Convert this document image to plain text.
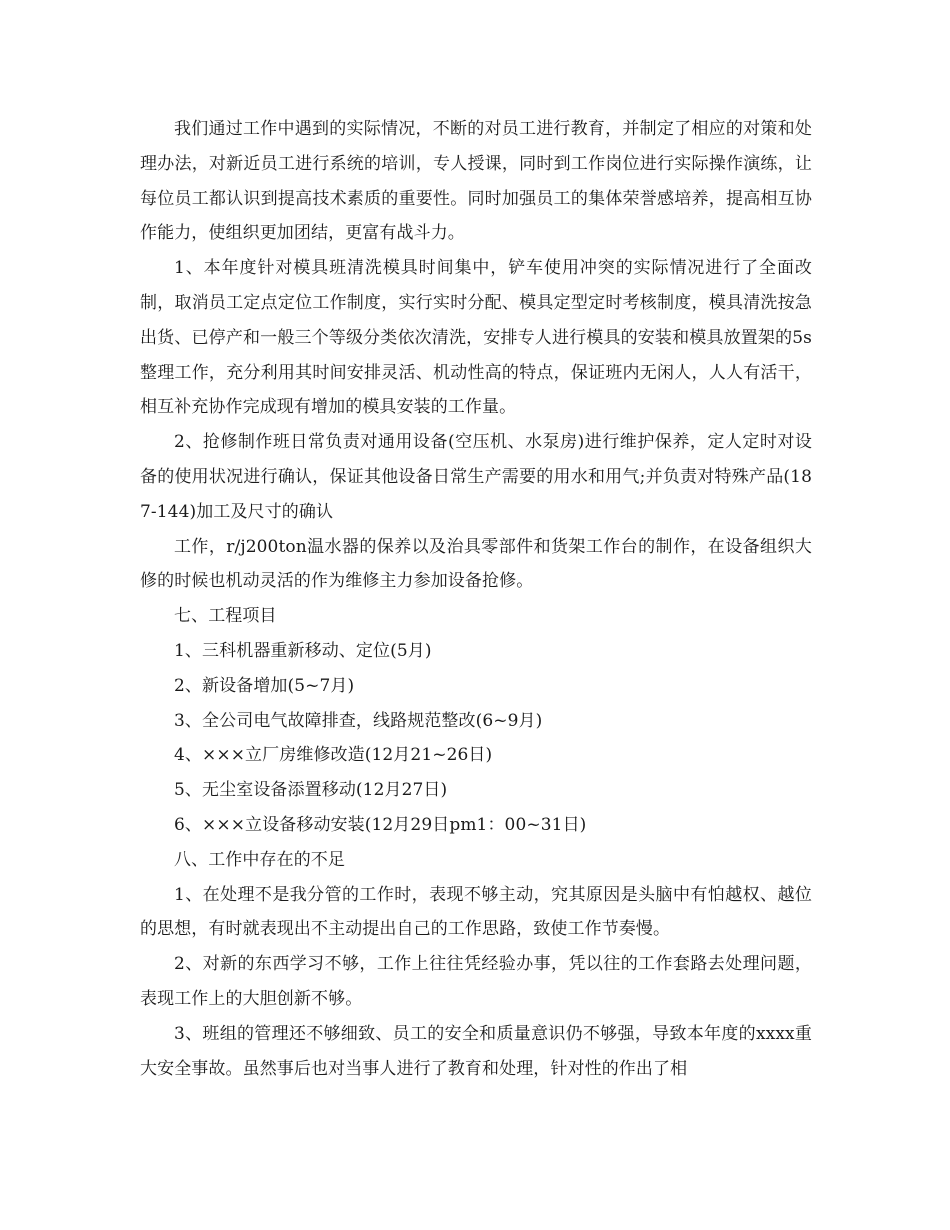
我们通过工作中遇到的实际情况，不断的对员工进行教育，并制定了相应的对策和处理办法，对新近员工进行系统的培训，专人授课，同时到工作岗位进行实际操作演练，让每位员工都认识到提高技术素质的重要性。同时加强员工的集体荣誉感培养，提高相互协作能力，使组织更加团结，更富有战斗力。

1、本年度针对模具班清洗模具时间集中，铲车使用冲突的实际情况进行了全面改制，取消员工定点定位工作制度，实行实时分配、模具定型定时考核制度，模具清洗按急出货、已停产和一般三个等级分类依次清洗，安排专人进行模具的安装和模具放置架的5s整理工作，充分利用其时间安排灵活、机动性高的特点，保证班内无闲人，人人有活干，相互补充协作完成现有增加的模具安装的工作量。

2、抢修制作班日常负责对通用设备(空压机、水泵房)进行维护保养，定人定时对设备的使用状况进行确认，保证其他设备日常生产需要的用水和用气;并负责对特殊产品(187-144)加工及尺寸的确认

工作，r/j200ton温水器的保养以及治具零部件和货架工作台的制作，在设备组织大修的时候也机动灵活的作为维修主力参加设备抢修。

七、工程项目

1、三科机器重新移动、定位(5月)

2、新设备增加(5~7月)

3、全公司电气故障排查，线路规范整改(6~9月)

4、×××立厂房维修改造(12月21~26日)

5、无尘室设备添置移动(12月27日)

6、×××立设备移动安装(12月29日pm1：00~31日)

八、工作中存在的不足

1、在处理不是我分管的工作时，表现不够主动，究其原因是头脑中有怕越权、越位的思想，有时就表现出不主动提出自己的工作思路，致使工作节奏慢。

2、对新的东西学习不够，工作上往往凭经验办事，凭以往的工作套路去处理问题，表现工作上的大胆创新不够。

3、班组的管理还不够细致、员工的安全和质量意识仍不够强，导致本年度的xxxx重大安全事故。虽然事后也对当事人进行了教育和处理，针对性的作出了相
